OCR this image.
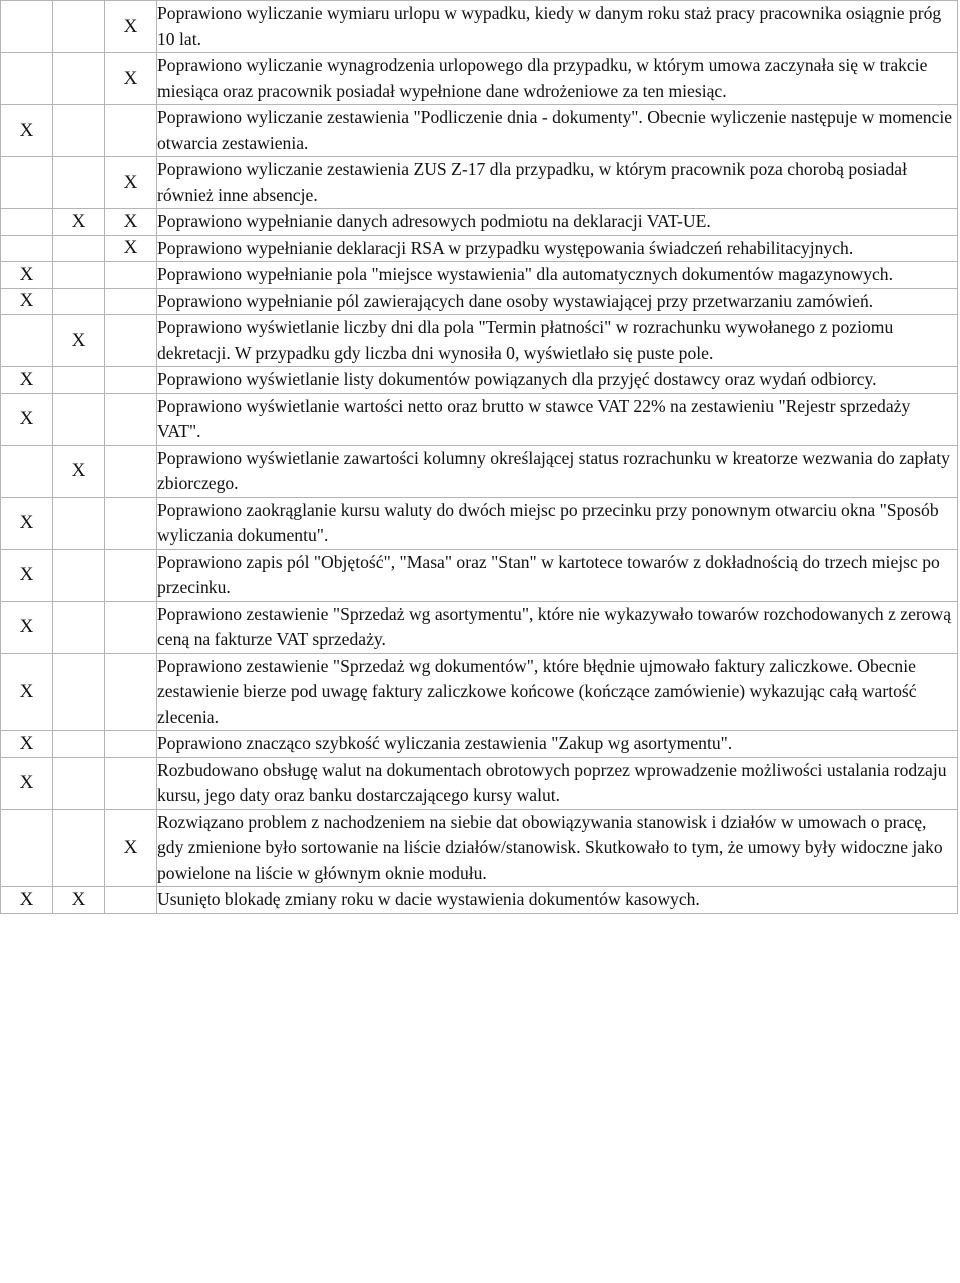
		X	Poprawiono wyliczanie wymiaru urlopu w wypadku, kiedy w danym roku staż pracy pracownika osiągnie próg 10 lat.
		X	Poprawiono wyliczanie wynagrodzenia urlopowego dla przypadku, w którym umowa zaczynała się w trakcie miesiąca oraz pracownik posiadał wypełnione dane wdrożeniowe za ten miesiąc.
X			Poprawiono wyliczanie zestawienia "Podliczenie dnia - dokumenty". Obecnie wyliczenie następuje w momencie otwarcia zestawienia.
		X	Poprawiono wyliczanie zestawienia ZUS Z-17 dla przypadku, w którym pracownik poza chorobą posiadał również inne absencje.
	X	X	Poprawiono wypełnianie danych adresowych podmiotu na deklaracji VAT-UE.
		X	Poprawiono wypełnianie deklaracji RSA w przypadku występowania świadczeń rehabilitacyjnych.
X			Poprawiono wypełnianie pola "miejsce wystawienia" dla automatycznych dokumentów magazynowych.
X			Poprawiono wypełnianie pól zawierających dane osoby wystawiającej przy przetwarzaniu zamówień.
	X		Poprawiono wyświetlanie liczby dni dla pola "Termin płatności" w rozrachunku wywołanego z poziomu dekretacji. W przypadku gdy liczba dni wynosiła 0, wyświetlało się puste pole.
X			Poprawiono wyświetlanie listy dokumentów powiązanych dla przyjęć dostawcy oraz wydań odbiorcy.
X			Poprawiono wyświetlanie wartości netto oraz brutto w stawce VAT 22% na zestawieniu "Rejestr sprzedaży VAT".
	X		Poprawiono wyświetlanie zawartości kolumny określającej status rozrachunku w kreatorze wezwania do zapłaty zbiorczego.
X			Poprawiono zaokrąglanie kursu waluty do dwóch miejsc po przecinku przy ponownym otwarciu okna "Sposób wyliczania dokumentu".
X			Poprawiono zapis pól "Objętość", "Masa" oraz "Stan" w kartotece towarów z dokładnością do trzech miejsc po przecinku.
X			Poprawiono zestawienie "Sprzedaż wg asortymentu", które nie wykazywało towarów rozchodowanych z zerową ceną na fakturze VAT sprzedaży.
X			Poprawiono zestawienie "Sprzedaż wg dokumentów", które błędnie ujmowało faktury zaliczkowe. Obecnie zestawienie bierze pod uwagę faktury zaliczkowe końcowe (kończące zamówienie) wykazując całą wartość zlecenia.
X			Poprawiono znacząco szybkość wyliczania zestawienia "Zakup wg asortymentu".
X			Rozbudowano obsługę walut na dokumentach obrotowych poprzez wprowadzenie możliwości ustalania rodzaju kursu, jego daty oraz banku dostarczającego kursy walut.
		X	Rozwiązano problem z nachodzeniem na siebie dat obowiązywania stanowisk i działów w umowach o pracę, gdy zmienione było sortowanie na liście działów/stanowisk. Skutkowało to tym, że umowy były widoczne jako powielone na liście w głównym oknie modułu.
X	X		Usunięto blokadę zmiany roku w dacie wystawienia dokumentów kasowych.
